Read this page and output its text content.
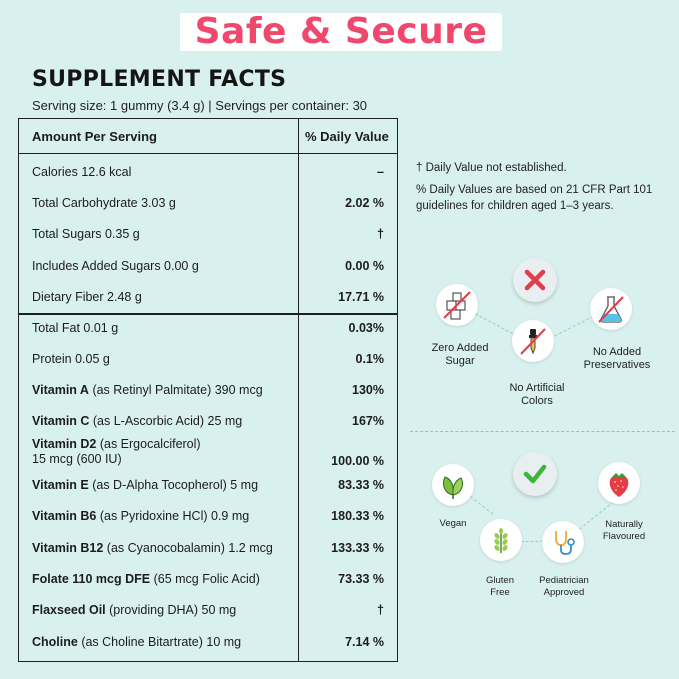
Safe & Secure
SUPPLEMENT FACTS
Serving size: 1 gummy (3.4 g) | Servings per container: 30
Amount Per Serving	% Daily Value
Calories 12.6 kcal	–
Total Carbohydrate 3.03 g	2.02 %
Total Sugars 0.35 g	†
Includes Added Sugars 0.00 g	0.00 %
Dietary Fiber 2.48 g	17.71 %
Total Fat 0.01 g	0.03%
Protein 0.05 g	0.1%
Vitamin A (as Retinyl Palmitate) 390 mcg	130%
Vitamin C (as L-Ascorbic Acid) 25 mg	167%
Vitamin D2 (as Ergocalciferol)
15 mcg (600 IU)	100.00 %
Vitamin E (as D-Alpha Tocopherol) 5 mg	83.33 %
Vitamin B6 (as Pyridoxine HCl) 0.9 mg	180.33 %
Vitamin B12 (as Cyanocobalamin) 1.2 mcg	133.33 %
Folate 110 mcg DFE (65 mcg Folic Acid)	73.33 %
Flaxseed Oil (providing DHA) 50 mg	†
Choline (as Choline Bitartrate) 10 mg	7.14 %
† Daily Value not established.
% Daily Values are based on 21 CFR Part 101
guidelines for children aged 1–3 years.
Zero Added
Sugar
No Artificial
Colors
No Added
Preservatives
Vegan
Gluten
Free
Pediatrician
Approved
Naturally
Flavoured
